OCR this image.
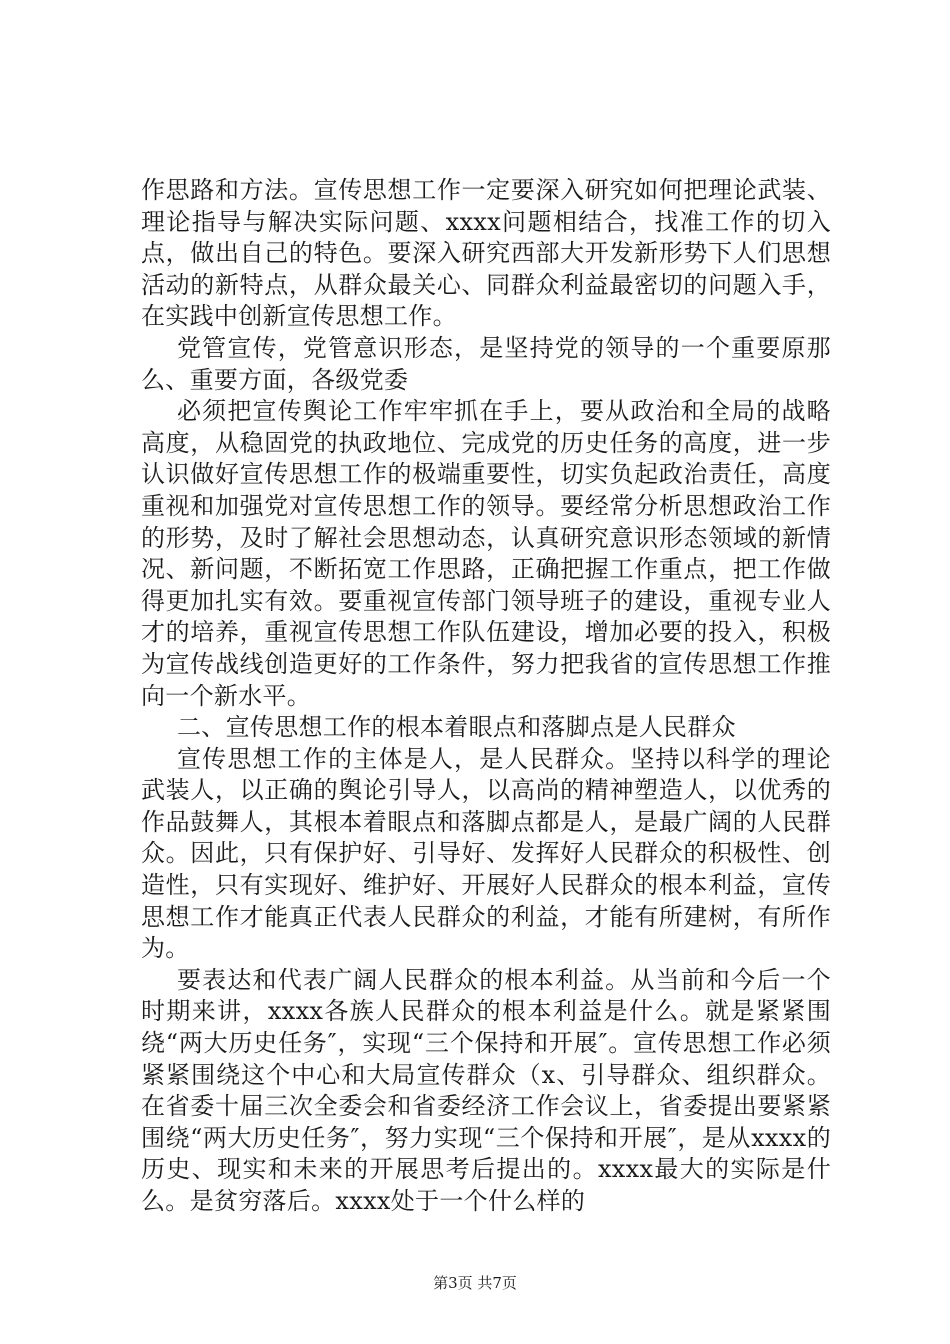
作思路和方法。宣传思想工作一定要深入研究如何把理论武装、理论指导与解决实际问题、xxxx问题相结合，找准工作的切入点，做出自己的特色。要深入研究西部大开发新形势下人们思想活动的新特点，从群众最关心、同群众利益最密切的问题入手，在实践中创新宣传思想工作。

党管宣传，党管意识形态，是坚持党的领导的一个重要原那么、重要方面，各级党委

必须把宣传舆论工作牢牢抓在手上，要从政治和全局的战略高度，从稳固党的执政地位、完成党的历史任务的高度，进一步认识做好宣传思想工作的极端重要性，切实负起政治责任，高度重视和加强党对宣传思想工作的领导。要经常分析思想政治工作的形势，及时了解社会思想动态，认真研究意识形态领域的新情况、新问题，不断拓宽工作思路，正确把握工作重点，把工作做得更加扎实有效。要重视宣传部门领导班子的建设，重视专业人才的培养，重视宣传思想工作队伍建设，增加必要的投入，积极为宣传战线创造更好的工作条件，努力把我省的宣传思想工作推向一个新水平。

二、宣传思想工作的根本着眼点和落脚点是人民群众

宣传思想工作的主体是人，是人民群众。坚持以科学的理论武装人，以正确的舆论引导人，以高尚的精神塑造人，以优秀的作品鼓舞人，其根本着眼点和落脚点都是人，是最广阔的人民群众。因此，只有保护好、引导好、发挥好人民群众的积极性、创造性，只有实现好、维护好、开展好人民群众的根本利益，宣传思想工作才能真正代表人民群众的利益，才能有所建树，有所作为。

要表达和代表广阔人民群众的根本利益。从当前和今后一个时期来讲，xxxx各族人民群众的根本利益是什么。就是紧紧围绕“两大历史任务″，实现“三个保持和开展″。宣传思想工作必须紧紧围绕这个中心和大局宣传群众（x、引导群众、组织群众。在省委十届三次全委会和省委经济工作会议上，省委提出要紧紧围绕“两大历史任务″，努力实现“三个保持和开展″，是从xxxx的历史、现实和未来的开展思考后提出的。xxxx最大的实际是什么。是贫穷落后。xxxx处于一个什么样的

第3页 共7页
